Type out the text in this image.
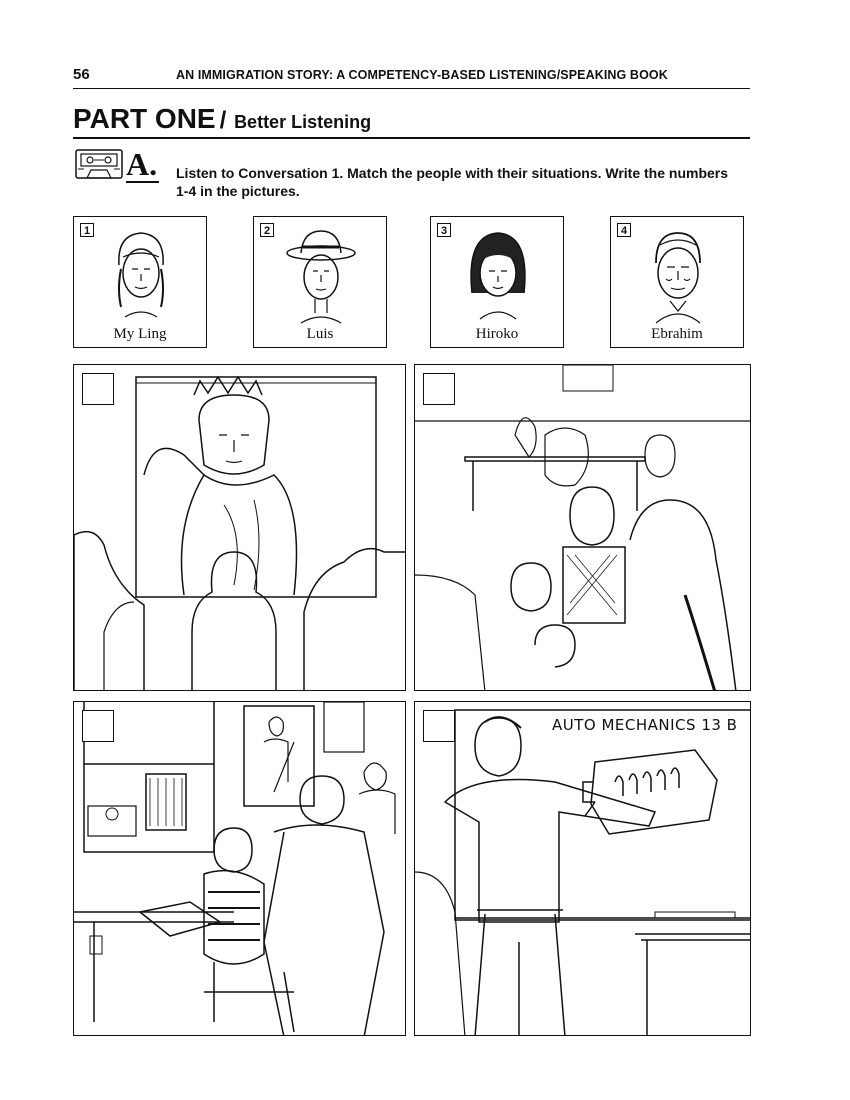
56	AN IMMIGRATION STORY: A COMPETENCY-BASED LISTENING/SPEAKING BOOK
PART ONE / Better Listening
A. Listen to Conversation 1. Match the people with their situations. Write the numbers 1-4 in the pictures.
1
My Ling
2
Luis
3
Hiroko
4
Ebrahim
AUTO MECHANICS 13 B
